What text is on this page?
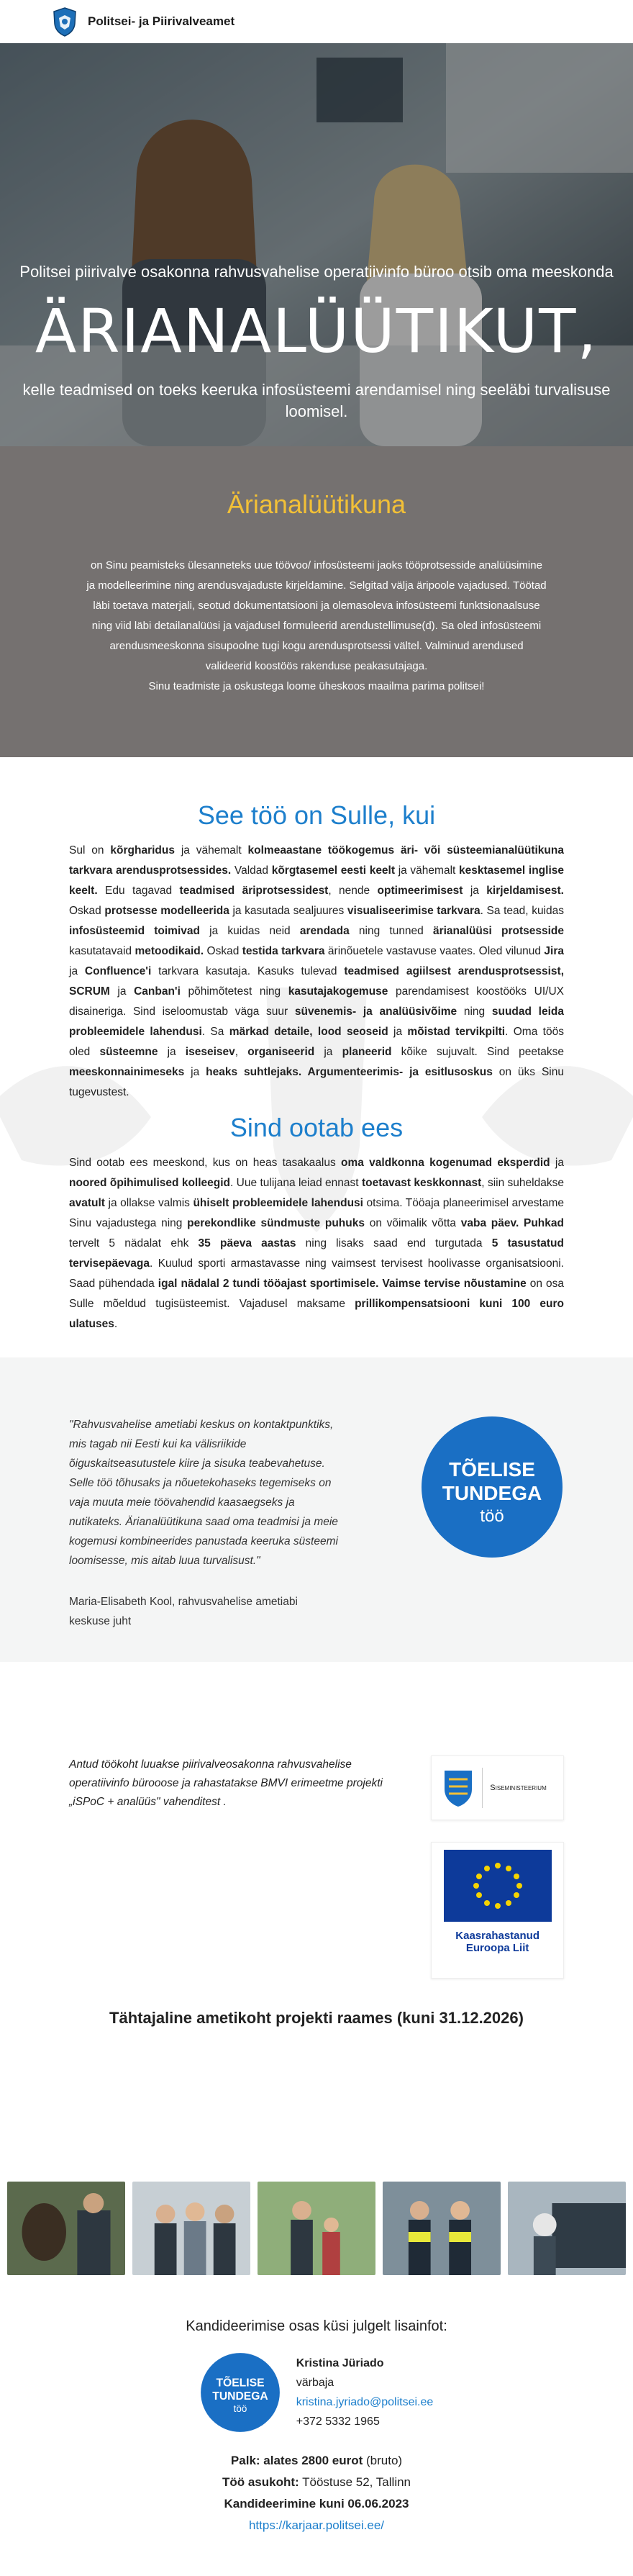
Politsei- ja Piirivalveamet
Politsei piirivalve osakonna rahvusvahelise operatiivinfo büroo otsib oma meeskonda
ÄRIANALÜÜTIKUT,
kelle teadmised on toeks keeruka infosüsteemi arendamisel ning seeläbi turvalisuse loomisel.
Ärianalüütikuna

on Sinu peamisteks ülesanneteks uue töövoo/ infosüsteemi jaoks tööprotsesside analüüsimine ja modelleerimine ning arendusvajaduste kirjeldamine. Selgitad välja äripoole vajadused. Töötad läbi toetava materjali, seotud dokumentatsiooni ja olemasoleva infosüsteemi funktsionaalsuse ning viid läbi detailanalüüsi ja vajadusel formuleerid arendustellimuse(d). Sa oled infosüsteemi arendusmeeskonna sisupoolne tugi kogu arendusprotsessi vältel. Valminud arendused valideerid koostöös rakenduse peakasutajaga.

Sinu teadmiste ja oskustega loome üheskoos maailma parima politsei!

See töö on Sulle, kui

Sul on kõrgharidus ja vähemalt kolmeaastane töökogemus äri- või süsteemianalüütikuna tarkvara arendusprotsessides. Valdad kõrgtasemel eesti keelt ja vähemalt kesktasemel inglise keelt. Edu tagavad teadmised äriprotsessidest, nende optimeerimisest ja kirjeldamisest. Oskad protsesse modelleerida ja kasutada sealjuures visualiseerimise tarkvara. Sa tead, kuidas infosüsteemid toimivad ja kuidas neid arendada ning tunned ärianalüüsi protsesside kasutatavaid metoodikaid. Oskad testida tarkvara ärinõuetele vastavuse vaates. Oled vilunud Jira ja Confluence'i tarkvara kasutaja. Kasuks tulevad teadmised agiilsest arendusprotsessist, SCRUM ja Canban'i põhimõtetest ning kasutajakogemuse parendamisest koostööks UI/UX disaineriga. Sind iseloomustab väga suur süvenemis- ja analüüsivõime ning suudad leida probleemidele lahendusi. Sa märkad detaile, lood seoseid ja mõistad tervikpilti. Oma töös oled süsteemne ja iseseisev, organiseerid ja planeerid kõike sujuvalt. Sind peetakse meeskonnainimeseks ja heaks suhtlejaks. Argumenteerimis- ja esitlusoskus on üks Sinu tugevustest.

Sind ootab ees

Sind ootab ees meeskond, kus on heas tasakaalus oma valdkonna kogenumad eksperdid ja noored õpihimulised kolleegid. Uue tulijana leiad ennast toetavast keskkonnast, siin suheldakse avatult ja ollakse valmis ühiselt probleemidele lahendusi otsima. Tööaja planeerimisel arvestame Sinu vajadustega ning perekondlike sündmuste puhuks on võimalik võtta vaba päev. Puhkad tervelt 5 nädalat ehk 35 päeva aastas ning lisaks saad end turgutada 5 tasustatud tervisepäevaga. Kuulud sporti armastavasse ning vaimsest tervisest hoolivasse organisatsiooni. Saad pühendada igal nädalal 2 tundi tööajast sportimisele. Vaimse tervise nõustamine on osa Sulle mõeldud tugisüsteemist. Vajadusel maksame prillikompensatsiooni kuni 100 euro ulatuses.

"Rahvusvahelise ametiabi keskus on kontaktpunktiks, mis tagab nii Eesti kui ka välisriikide õiguskaitseasutustele kiire ja sisuka teabevahetuse. Selle töö tõhusaks ja nõuetekohaseks tegemiseks on vaja muuta meie töövahendid kaasaegseks ja nutikateks. Ärianalüütikuna saad oma teadmisi ja meie kogemusi kombineerides panustada keeruka süsteemi loomisesse, mis aitab luua turvalisust."
Maria-Elisabeth Kool, rahvusvahelise ametiabi keskuse juht
TÕELISE
TUNDEGA
töö
Antud töökoht luuakse piirivalveosakonna rahvusvahelise operatiivinfo bürooose ja rahastatakse BMVI erimeetme projekti „iSPoC + analüüs" vahenditest .
Siseministeerium
Kaasrahastanud
Euroopa Liit
Tähtajaline ametikoht projekti raames (kuni 31.12.2026)
Kandideerimise osas küsi julgelt lisainfot:
TÕELISE
TUNDEGA
töö
Kristina Jüriado
värbaja
kristina.jyriado@politsei.ee
+372 5332 1965
Palk: alates 2800 eurot (bruto)
Töö asukoht: Tööstuse 52, Tallinn
Kandideerimine kuni 06.06.2023
https://karjaar.politsei.ee/
